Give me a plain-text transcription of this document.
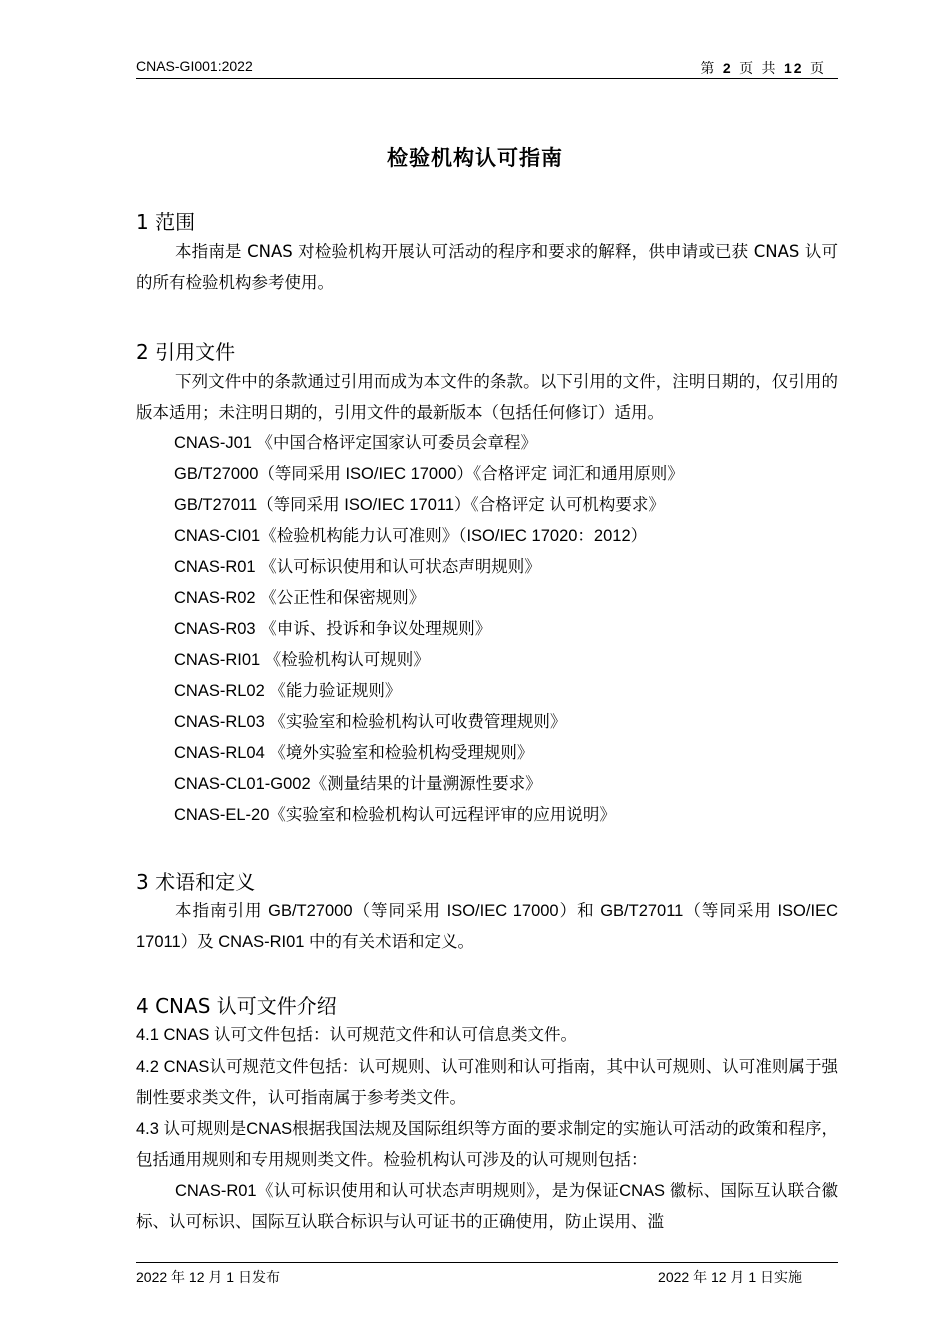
CNAS-GI001:2022	第 2 页 共 12 页
检验机构认可指南
1 范围
本指南是 CNAS 对检验机构开展认可活动的程序和要求的解释，供申请或已获 CNAS 认可的所有检验机构参考使用。
2 引用文件
下列文件中的条款通过引用而成为本文件的条款。以下引用的文件，注明日期的，仅引用的版本适用；未注明日期的，引用文件的最新版本（包括任何修订）适用。
CNAS-J01 《中国合格评定国家认可委员会章程》
GB/T27000（等同采用 ISO/IEC 17000）《合格评定 词汇和通用原则》
GB/T27011（等同采用 ISO/IEC 17011）《合格评定 认可机构要求》
CNAS-CI01《检验机构能力认可准则》（ISO/IEC 17020：2012）
CNAS-R01 《认可标识使用和认可状态声明规则》
CNAS-R02 《公正性和保密规则》
CNAS-R03 《申诉、投诉和争议处理规则》
CNAS-RI01 《检验机构认可规则》
CNAS-RL02 《能力验证规则》
CNAS-RL03 《实验室和检验机构认可收费管理规则》
CNAS-RL04 《境外实验室和检验机构受理规则》
CNAS-CL01-G002《测量结果的计量溯源性要求》
CNAS-EL-20《实验室和检验机构认可远程评审的应用说明》
3 术语和定义
本指南引用 GB/T27000（等同采用 ISO/IEC 17000）和 GB/T27011（等同采用 ISO/IEC 17011）及 CNAS-RI01 中的有关术语和定义。
4 CNAS 认可文件介绍
4.1 CNAS 认可文件包括：认可规范文件和认可信息类文件。
4.2 CNAS认可规范文件包括：认可规则、认可准则和认可指南，其中认可规则、认可准则属于强制性要求类文件，认可指南属于参考类文件。
4.3 认可规则是CNAS根据我国法规及国际组织等方面的要求制定的实施认可活动的政策和程序，包括通用规则和专用规则类文件。检验机构认可涉及的认可规则包括：
CNAS-R01《认可标识使用和认可状态声明规则》，是为保证CNAS 徽标、国际互认联合徽标、认可标识、国际互认联合标识与认可证书的正确使用，防止误用、滥
2022 年 12 月 1 日发布	2022 年 12 月 1 日实施
